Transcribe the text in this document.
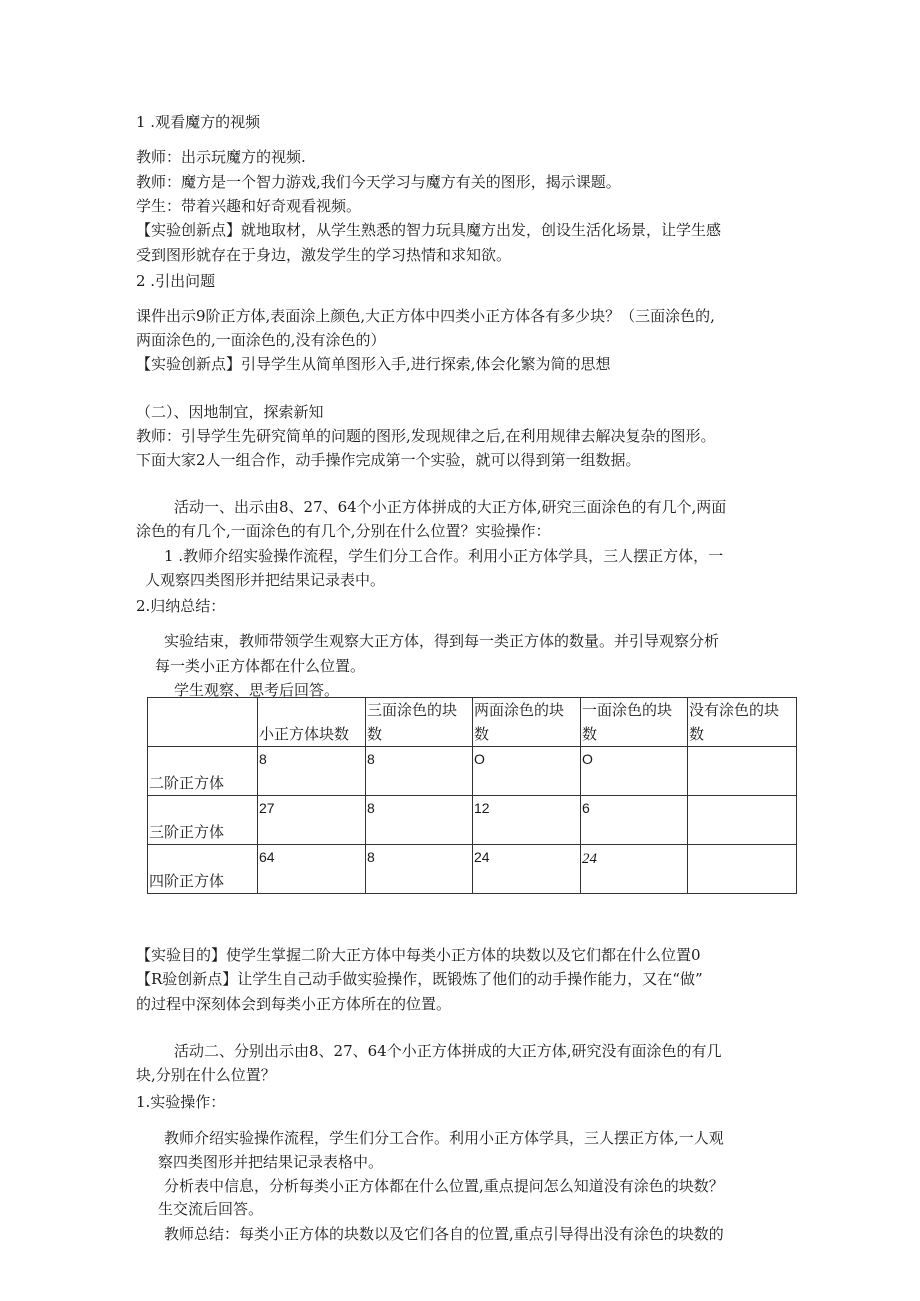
1 .观看魔方的视频
教师：出示玩魔方的视频.
教师：魔方是一个智力游戏,我们今天学习与魔方有关的图形，揭示课题。
学生：带着兴趣和好奇观看视频。
【实验创新点】就地取材，从学生熟悉的智力玩具魔方出发，创设生活化场景，让学生感
受到图形就存在于身边，激发学生的学习热情和求知欲。
2 .引出问题
课件出示9阶正方体,表面涂上颜色,大正方体中四类小正方体各有多少块？（三面涂色的,
两面涂色的,一面涂色的,没有涂色的）
【实验创新点】引导学生从简单图形入手,进行探索,体会化繁为简的思想
（二）、因地制宜，探索新知
教师：引导学生先研究简单的问题的图形,发现规律之后,在利用规律去解决复杂的图形。
下面大家2人一组合作，动手操作完成第一个实验，就可以得到第一组数据。
活动一、出示由8、27、64个小正方体拼成的大正方体,研究三面涂色的有几个,两面
涂色的有几个,一面涂色的有几个,分别在什么位置？实验操作：
1 .教师介绍实验操作流程，学生们分工合作。利用小正方体学具，三人摆正方体，一
人观察四类图形并把结果记录表中。
2.归纳总结：
实验结束，教师带领学生观察大正方体，得到每一类正方体的数量。并引导观察分析
每一类小正方体都在什么位置。
学生观察、思考后回答。

	小正方体块数	三面涂色的块
数	两面涂色的块
数	一面涂色的块
数	没有涂色的块
数

二阶正方体	8	8	O	O	

三阶正方体	27	8	12	6	

四阶正方体	64	8	24	24	

【实验目的】使学生掌握二阶大正方体中每类小正方体的块数以及它们都在什么位置0
【R验创新点】让学生自己动手做实验操作，既锻炼了他们的动手操作能力，又在“做”
的过程中深刻体会到每类小正方体所在的位置。
活动二、分别出示由8、27、64个小正方体拼成的大正方体,研究没有面涂色的有几
块,分别在什么位置？
1.实验操作：
教师介绍实验操作流程，学生们分工合作。利用小正方体学具，三人摆正方体,一人观
察四类图形并把结果记录表格中。
分析表中信息，分析每类小正方体都在什么位置,重点提问怎么知道没有涂色的块数？
生交流后回答。
教师总结：每类小正方体的块数以及它们各自的位置,重点引导得出没有涂色的块数的
